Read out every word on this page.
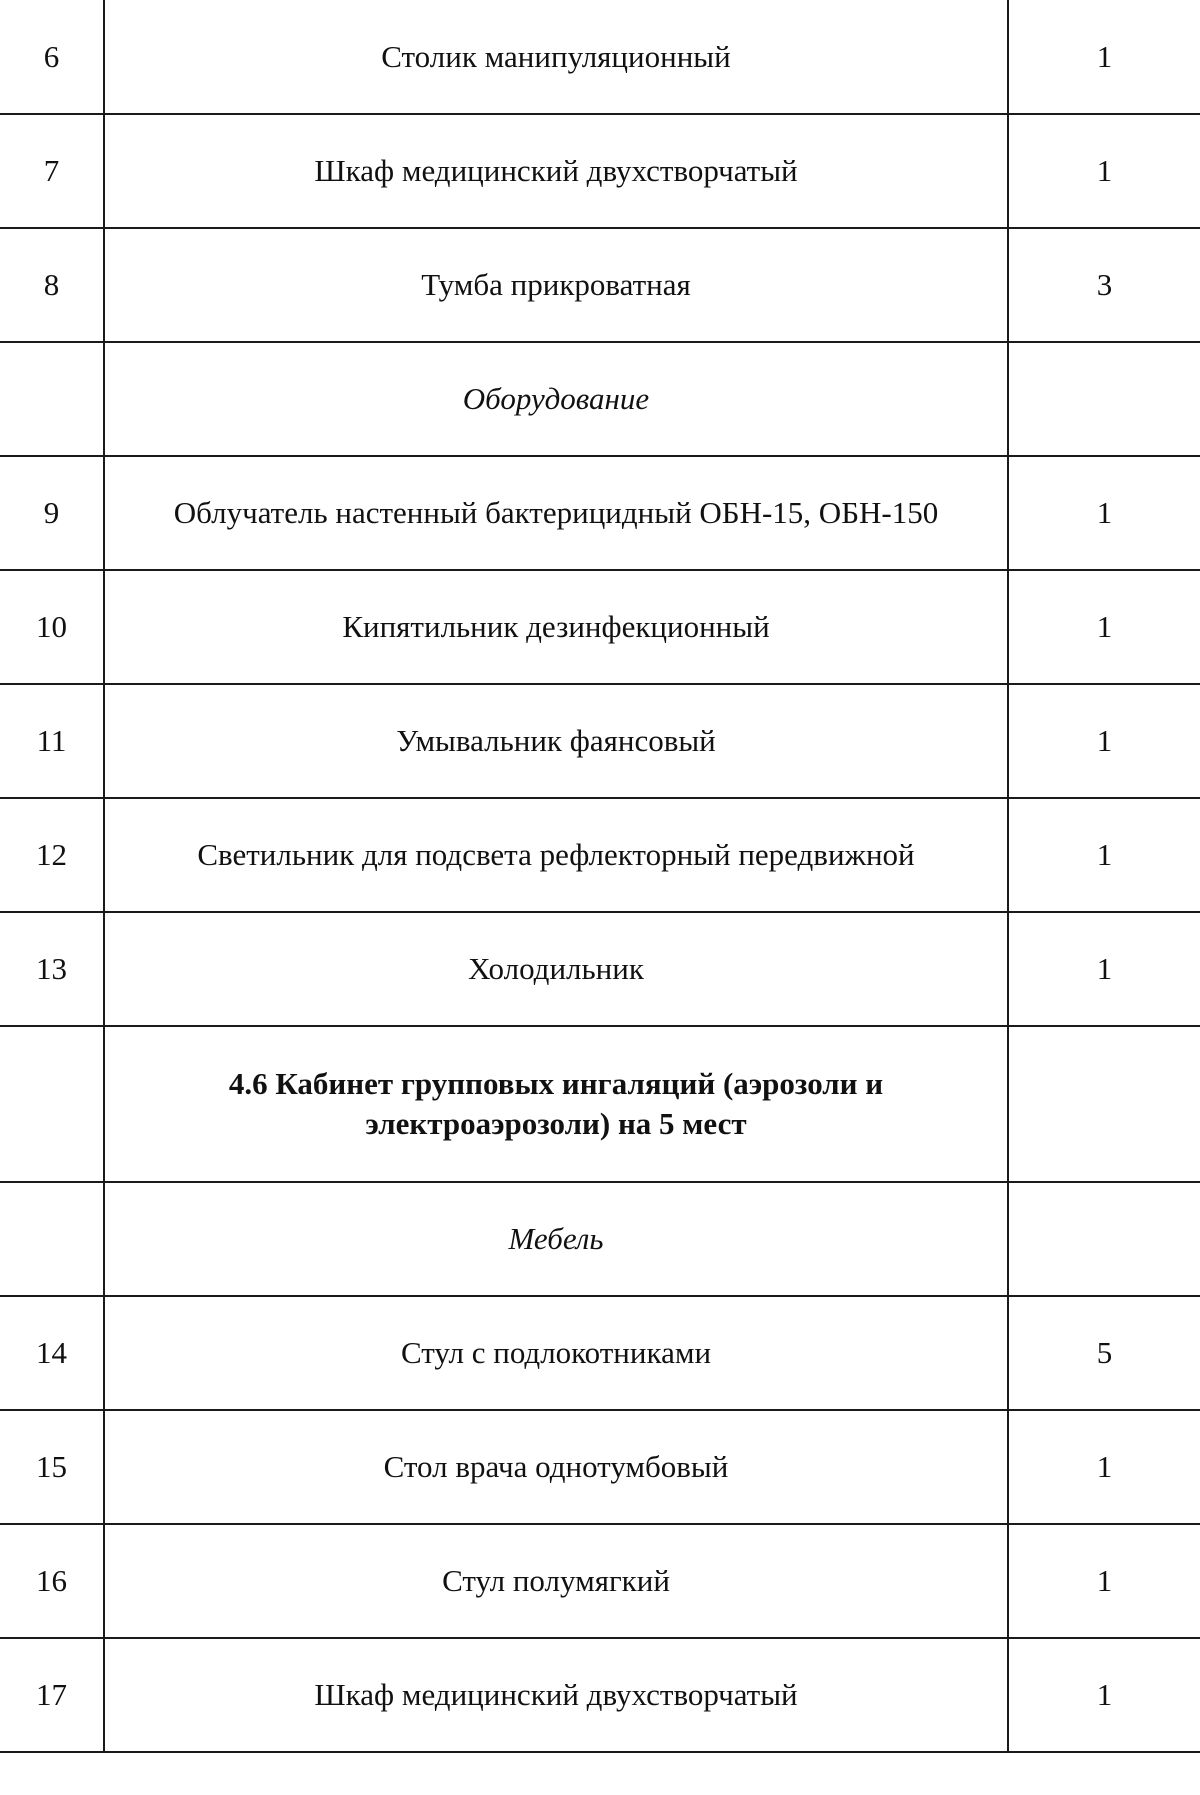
6	Столик манипуляционный	1
7	Шкаф медицинский двухстворчатый	1
8	Тумба прикроватная	3
	Оборудование	
9	Облучатель настенный бактерицидный ОБН-15, ОБН-150	1
10	Кипятильник дезинфекционный	1
11	Умывальник фаянсовый	1
12	Светильник для подсвета рефлекторный передвижной	1
13	Холодильник	1
	4.6 Кабинет групповых ингаляций (аэрозоли и электроаэрозоли) на 5 мест	
	Мебель	
14	Стул с подлокотниками	5
15	Стол врача однотумбовый	1
16	Стул полумягкий	1
17	Шкаф медицинский двухстворчатый	1
